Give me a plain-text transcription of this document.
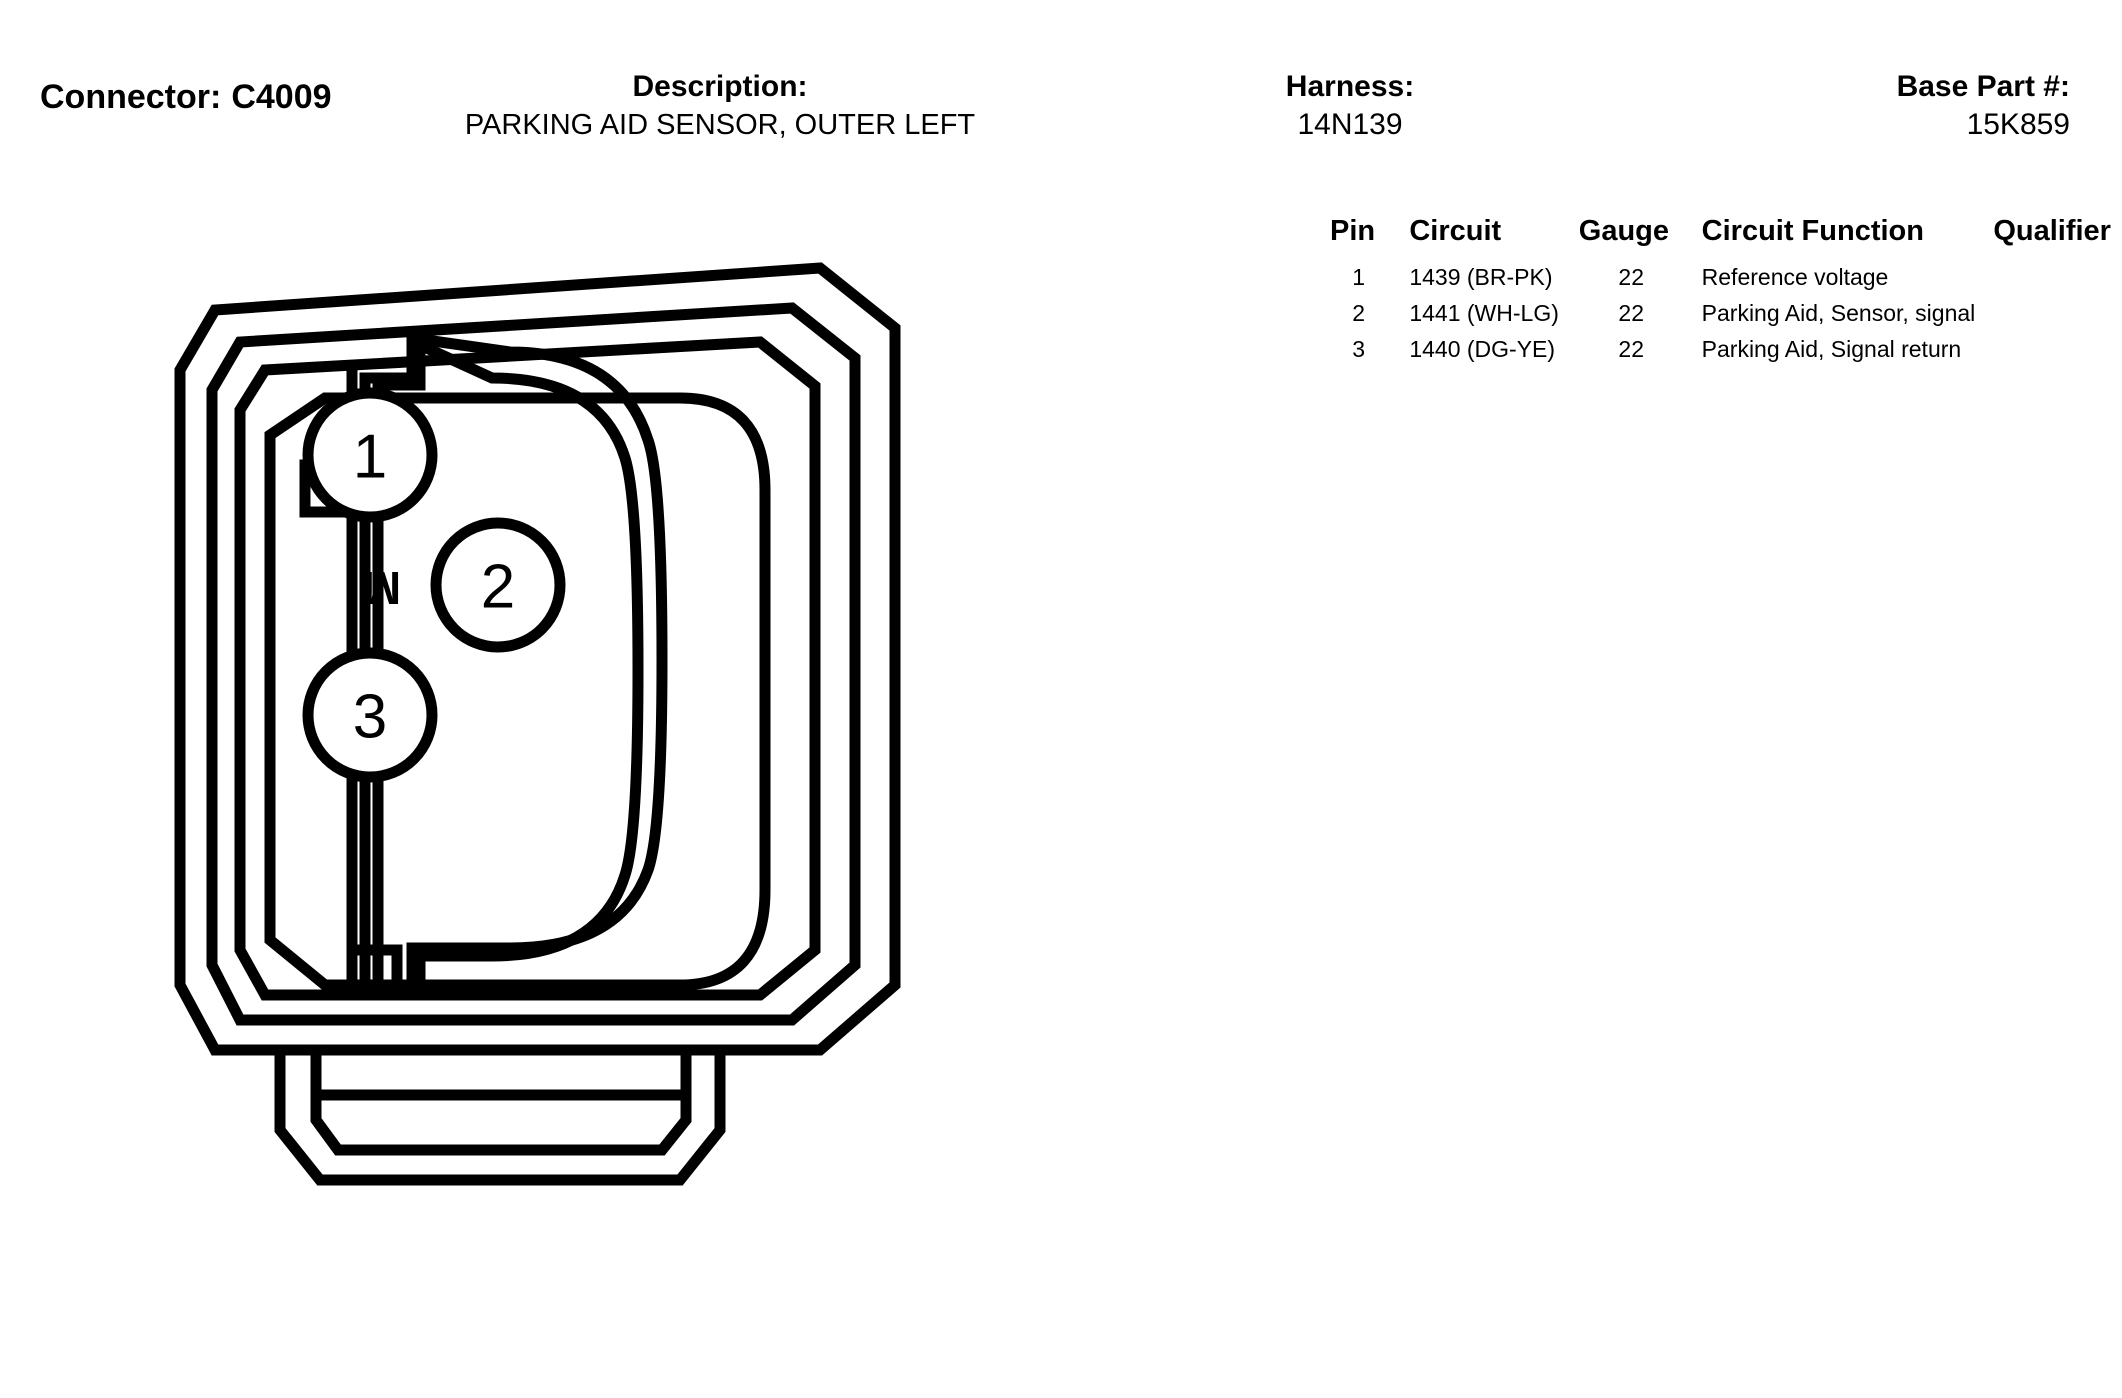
Connector: C4009	Description:
PARKING AID SENSOR, OUTER LEFT
Harness:
14N139
Base Part #:
15K859
Pin	Circuit	Gauge	Circuit Function	Qualifier
1	1439 (BR-PK)	22	Reference voltage	
2	1441 (WH-LG)	22	Parking Aid, Sensor, signal	
3	1440 (DG-YE)	22	Parking Aid, Signal return	
1
2
3
M
